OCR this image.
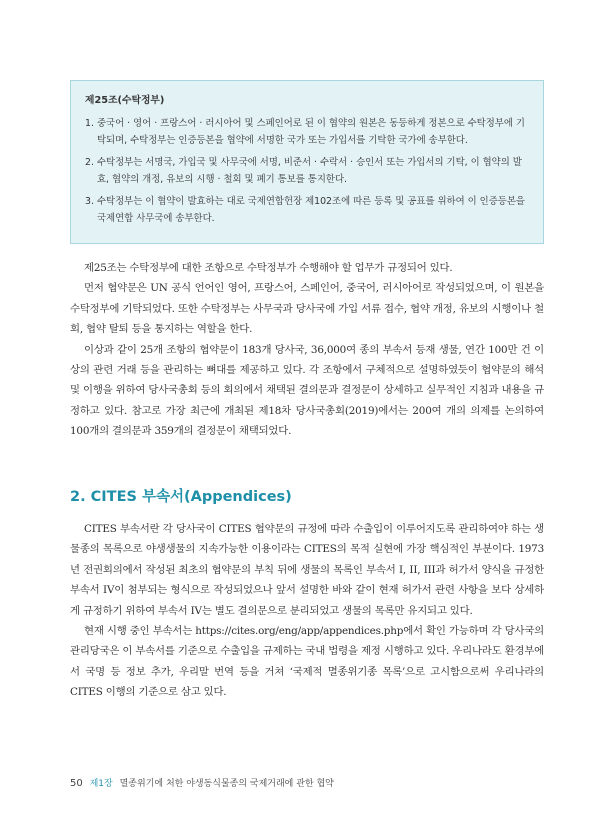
제25조(수탁정부)
1. 중국어 · 영어 · 프랑스어 · 러시아어 및 스페인어로 된 이 협약의 원본은 동등하게 정본으로 수탁정부에 기탁되며, 수탁정부는 인증등본을 협약에 서명한 국가 또는 가입서를 기탁한 국가에 송부한다.
2. 수탁정부는 서명국, 가입국 및 사무국에 서명, 비준서 · 수락서 · 승인서 또는 가입서의 기탁, 이 협약의 발효, 협약의 개정, 유보의 시행 · 철회 및 폐기 통보를 통지한다.
3. 수탁정부는 이 협약이 발효하는 대로 국제연합헌장 제102조에 따른 등록 및 공표를 위하여 이 인증등본을 국제연합 사무국에 송부한다.

제25조는 수탁정부에 대한 조항으로 수탁정부가 수행해야 할 업무가 규정되어 있다.

먼저 협약문은 UN 공식 언어인 영어, 프랑스어, 스페인어, 중국어, 러시아어로 작성되었으며, 이 원본을 수탁정부에 기탁되었다. 또한 수탁정부는 사무국과 당사국에 가입 서류 접수, 협약 개정, 유보의 시행이나 철회, 협약 탈퇴 등을 통지하는 역할을 한다.

이상과 같이 25개 조항의 협약문이 183개 당사국, 36,000여 종의 부속서 등재 생물, 연간 100만 건 이상의 관련 거래 등을 관리하는 뼈대를 제공하고 있다. 각 조항에서 구체적으로 설명하였듯이 협약문의 해석 및 이행을 위하여 당사국총회 등의 회의에서 채택된 결의문과 결정문이 상세하고 실무적인 지침과 내용을 규정하고 있다. 참고로 가장 최근에 개최된 제18차 당사국총회(2019)에서는 200여 개의 의제를 논의하여 100개의 결의문과 359개의 결정문이 채택되었다.

2. CITES 부속서(Appendices)

CITES 부속서란 각 당사국이 CITES 협약문의 규정에 따라 수출입이 이루어지도록 관리하여야 하는 생물종의 목록으로 야생생물의 지속가능한 이용이라는 CITES의 목적 실현에 가장 핵심적인 부분이다. 1973년 전권회의에서 작성된 최초의 협약문의 부칙 뒤에 생물의 목록인 부속서 I, II, III과 허가서 양식을 규정한 부속서 IV이 첨부되는 형식으로 작성되었으나 앞서 설명한 바와 같이 현재 허가서 관련 사항을 보다 상세하게 규정하기 위하여 부속서 IV는 별도 결의문으로 분리되었고 생물의 목록만 유지되고 있다.

현재 시행 중인 부속서는 https://cites.org/eng/app/appendices.php에서 확인 가능하며 각 당사국의 관리당국은 이 부속서를 기준으로 수출입을 규제하는 국내 법령을 제정 시행하고 있다. 우리나라도 환경부에서 국명 등 정보 추가, 우리말 번역 등을 거쳐 ‘국제적 멸종위기종 목록’으로 고시함으로써 우리나라의 CITES 이행의 기준으로 삼고 있다.

50 제1장 멸종위기에 처한 야생동식물종의 국제거래에 관한 협약
